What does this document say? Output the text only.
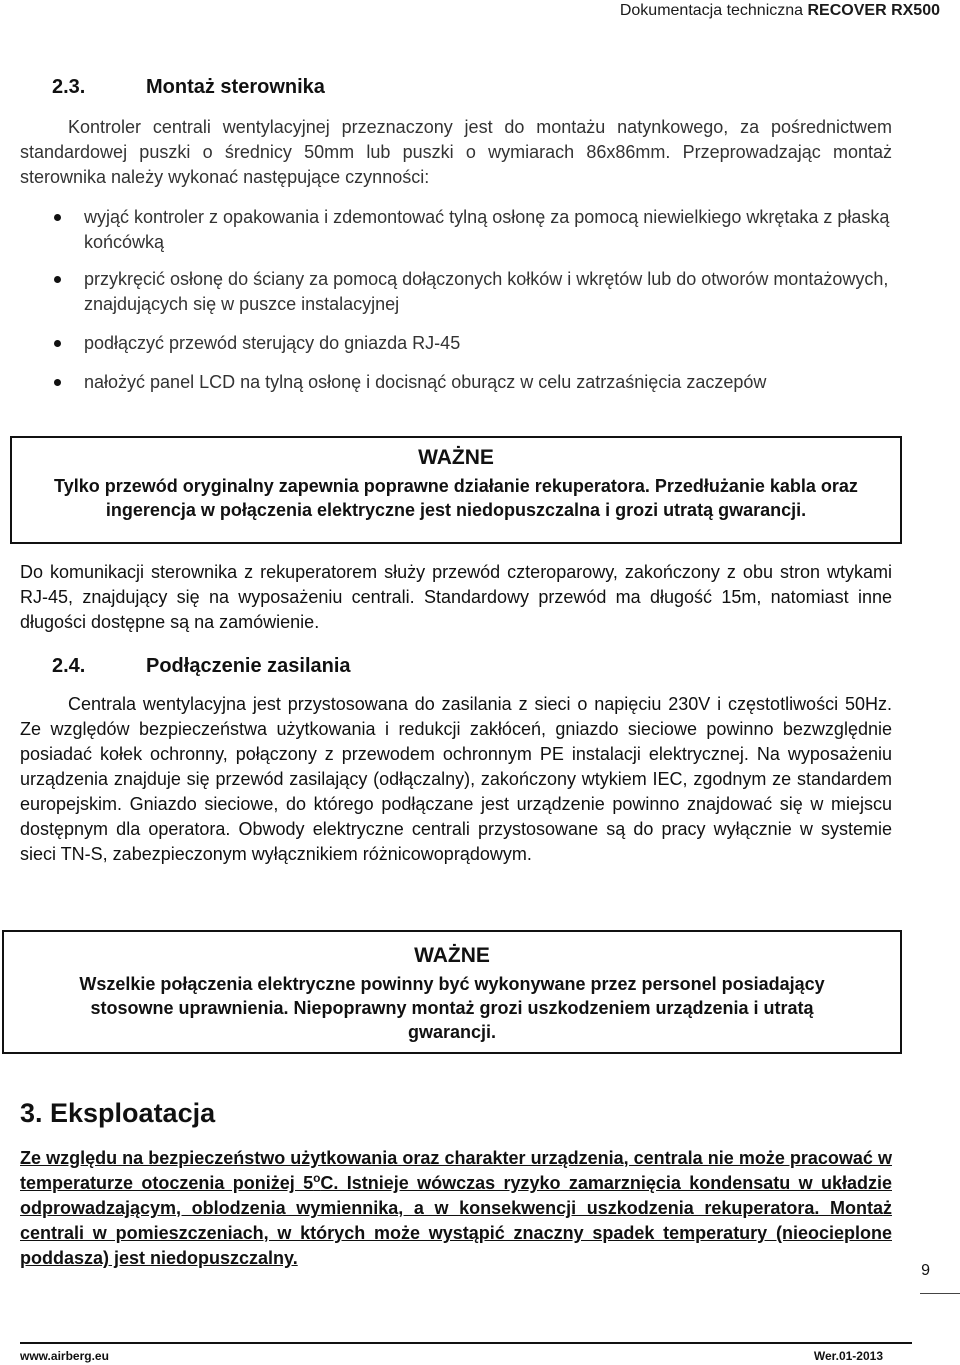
Dokumentacja techniczna RECOVER RX500
2.3.	Montaż sterownika
Kontroler centrali wentylacyjnej przeznaczony jest do montażu natynkowego, za pośrednictwem standardowej puszki o średnicy 50mm lub puszki o wymiarach 86x86mm. Przeprowadzając montaż sterownika należy wykonać następujące czynności:
wyjąć kontroler z opakowania i zdemontować tylną osłonę za pomocą niewielkiego wkrętaka z płaską końcówką
przykręcić osłonę do ściany za pomocą dołączonych kołków i wkrętów lub do otworów montażowych, znajdujących się w puszce instalacyjnej
podłączyć przewód sterujący do gniazda RJ-45
nałożyć panel LCD na tylną osłonę i docisnąć oburącz w celu zatrzaśnięcia zaczepów
WAŻNE
Tylko przewód oryginalny zapewnia poprawne działanie rekuperatora. Przedłużanie kabla oraz ingerencja w połączenia elektryczne jest niedopuszczalna i grozi utratą gwarancji.
Do komunikacji sterownika z rekuperatorem służy przewód czteroparowy, zakończony z obu stron wtykami RJ-45, znajdujący się na wyposażeniu centrali. Standardowy przewód ma długość 15m, natomiast inne długości dostępne są na zamówienie.
2.4.	Podłączenie zasilania
Centrala wentylacyjna jest przystosowana do zasilania z sieci o napięciu 230V i częstotliwości 50Hz. Ze względów bezpieczeństwa użytkowania i redukcji zakłóceń, gniazdo sieciowe powinno bezwzględnie posiadać kołek ochronny, połączony z przewodem ochronnym PE instalacji elektrycznej. Na wyposażeniu urządzenia znajduje się przewód zasilający (odłączalny), zakończony wtykiem IEC, zgodnym ze standardem europejskim. Gniazdo sieciowe, do którego podłączane jest urządzenie powinno znajdować się w miejscu dostępnym dla operatora. Obwody elektryczne centrali przystosowane są do pracy wyłącznie w systemie sieci TN-S, zabezpieczonym wyłącznikiem różnicowoprądowym.
WAŻNE
Wszelkie połączenia elektryczne powinny być wykonywane przez personel posiadający stosowne uprawnienia. Niepoprawny montaż grozi uszkodzeniem urządzenia i utratą gwarancji.
3. Eksploatacja
Ze względu na bezpieczeństwo użytkowania oraz charakter urządzenia, centrala nie może pracować w temperaturze otoczenia poniżej 5$^o$C. Istnieje wówczas ryzyko zamarznięcia kondensatu w układzie odprowadzającym, oblodzenia wymiennika, a w konsekwencji uszkodzenia rekuperatora. Montaż centrali w pomieszczeniach, w których może wystąpić znaczny spadek temperatury (nieocieplone poddasza) jest niedopuszczalny.
9
www.airberg.eu	Wer.01-2013
